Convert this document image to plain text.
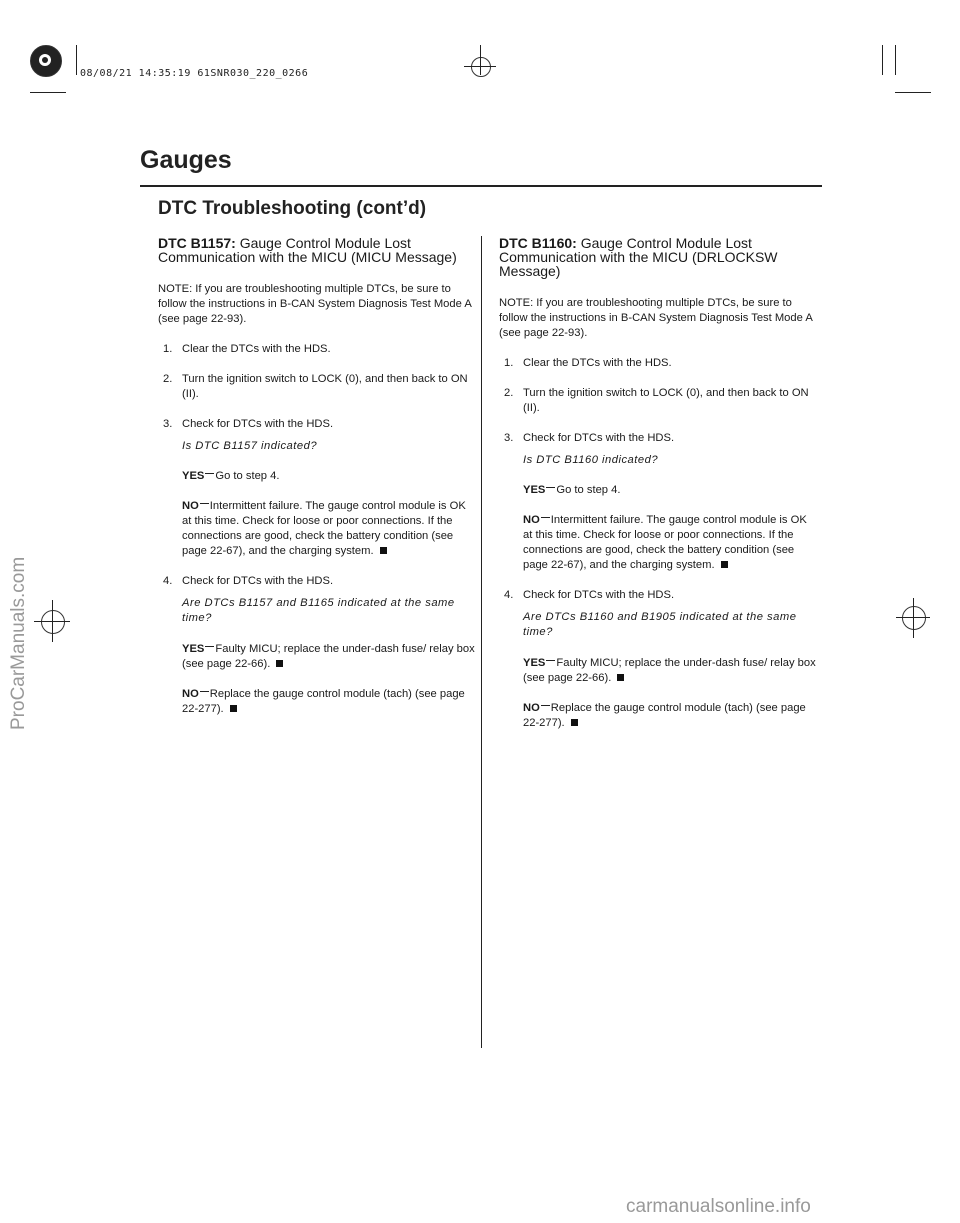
08/08/21 14:35:19 61SNR030_220_0266
Gauges
DTC Troubleshooting (cont’d)
DTC B1157: Gauge Control Module Lost Communication with the MICU (MICU Message)
NOTE: If you are troubleshooting multiple DTCs, be sure to follow the instructions in B-CAN System Diagnosis Test Mode A (see page 22-93).
1. Clear the DTCs with the HDS.
2. Turn the ignition switch to LOCK (0), and then back to ON (II).
3. Check for DTCs with the HDS.
Is DTC B1157 indicated?
YES Go to step 4.
NO Intermittent failure. The gauge control module is OK at this time. Check for loose or poor connections. If the connections are good, check the battery condition (see page 22-67), and the charging system.
4. Check for DTCs with the HDS.
Are DTCs B1157 and B1165 indicated at the same time?
YES Faulty MICU; replace the under-dash fuse/ relay box (see page 22-66).
NO Replace the gauge control module (tach) (see page 22-277).
DTC B1160: Gauge Control Module Lost Communication with the MICU (DRLOCKSW Message)
NOTE: If you are troubleshooting multiple DTCs, be sure to follow the instructions in B-CAN System Diagnosis Test Mode A (see page 22-93).
1. Clear the DTCs with the HDS.
2. Turn the ignition switch to LOCK (0), and then back to ON (II).
3. Check for DTCs with the HDS.
Is DTC B1160 indicated?
YES Go to step 4.
NO Intermittent failure. The gauge control module is OK at this time. Check for loose or poor connections. If the connections are good, check the battery condition (see page 22-67), and the charging system.
4. Check for DTCs with the HDS.
Are DTCs B1160 and B1905 indicated at the same time?
YES Faulty MICU; replace the under-dash fuse/ relay box (see page 22-66).
NO Replace the gauge control module (tach) (see page 22-277).
ProCarManuals.com
carmanualsonline.info
